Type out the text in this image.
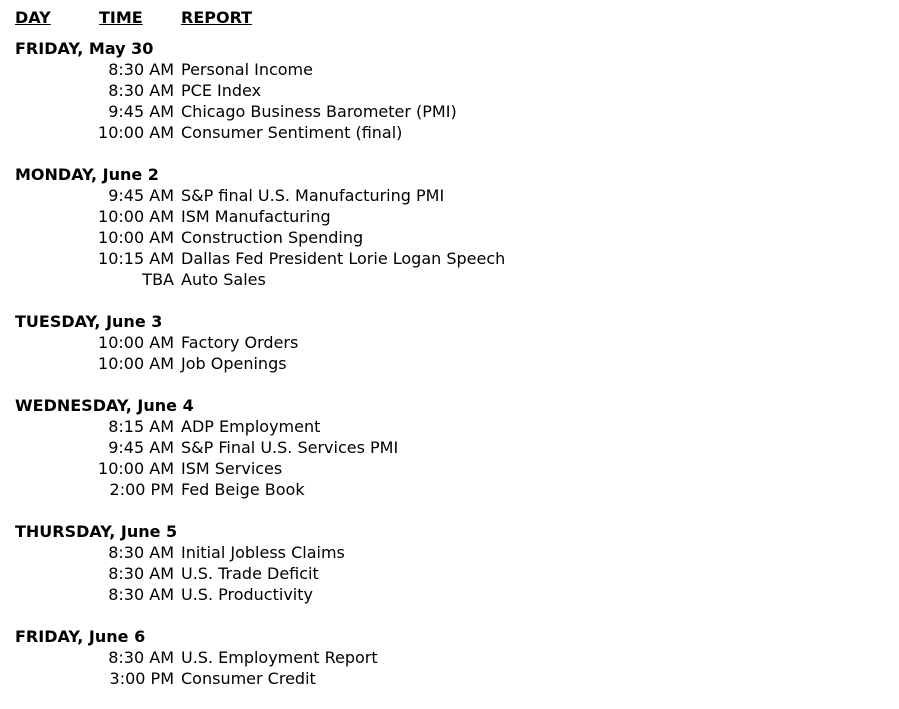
DAY	TIME REPORT
FRIDAY, May 30
8:30 AM Personal Income
8:30 AM PCE Index
9:45 AM Chicago Business Barometer (PMI)
10:00 AM Consumer Sentiment (final)
MONDAY, June 2
9:45 AM S&P final U.S. Manufacturing PMI
10:00 AM ISM Manufacturing
10:00 AM Construction Spending
10:15 AM Dallas Fed President Lorie Logan Speech
TBA Auto Sales
TUESDAY, June 3
10:00 AM Factory Orders
10:00 AM Job Openings
WEDNESDAY, June 4
8:15 AM ADP Employment
9:45 AM S&P Final U.S. Services PMI
10:00 AM ISM Services
2:00 PM Fed Beige Book
THURSDAY, June 5
8:30 AM Initial Jobless Claims
8:30 AM U.S. Trade Deficit
8:30 AM U.S. Productivity
FRIDAY, June 6
8:30 AM U.S. Employment Report
3:00 PM Consumer Credit
